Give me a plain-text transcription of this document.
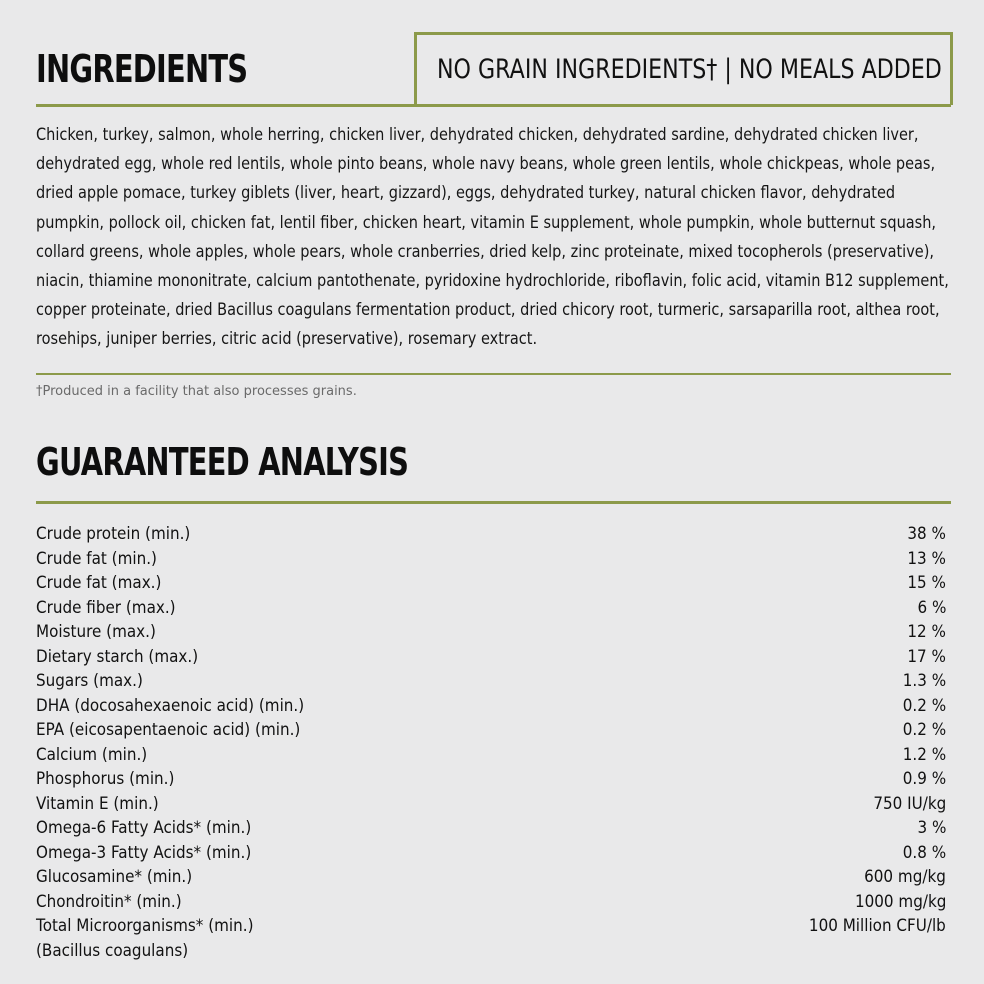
INGREDIENTS	NO GRAIN INGREDIENTS† | NO MEALS ADDED

Chicken, turkey, salmon, whole herring, chicken liver, dehydrated chicken, dehydrated sardine, dehydrated chicken liver, dehydrated egg, whole red lentils, whole pinto beans, whole navy beans, whole green lentils, whole chickpeas, whole peas, dried apple pomace, turkey giblets (liver, heart, gizzard), eggs, dehydrated turkey, natural chicken flavor, dehydrated pumpkin, pollock oil, chicken fat, lentil fiber, chicken heart, vitamin E supplement, whole pumpkin, whole butternut squash, collard greens, whole apples, whole pears, whole cranberries, dried kelp, zinc proteinate, mixed tocopherols (preservative), niacin, thiamine mononitrate, calcium pantothenate, pyridoxine hydrochloride, riboflavin, folic acid, vitamin B12 supplement, copper proteinate, dried Bacillus coagulans fermentation product, dried chicory root, turmeric, sarsaparilla root, althea root, rosehips, juniper berries, citric acid (preservative), rosemary extract.

†Produced in a facility that also processes grains.
GUARANTEED ANALYSIS
Crude protein (min.)	38 %
Crude fat (min.)	13 %
Crude fat (max.)	15 %
Crude fiber (max.)	6 %
Moisture (max.)	12 %
Dietary starch (max.)	17 %
Sugars (max.)	1.3 %
DHA (docosahexaenoic acid) (min.)	0.2 %
EPA (eicosapentaenoic acid) (min.)	0.2 %
Calcium (min.)	1.2 %
Phosphorus (min.)	0.9 %
Vitamin E (min.)	750 IU/kg
Omega-6 Fatty Acids* (min.)	3 %
Omega-3 Fatty Acids* (min.)	0.8 %
Glucosamine* (min.)	600 mg/kg
Chondroitin* (min.)	1000 mg/kg
Total Microorganisms* (min.)	100 Million CFU/lb
(Bacillus coagulans)
